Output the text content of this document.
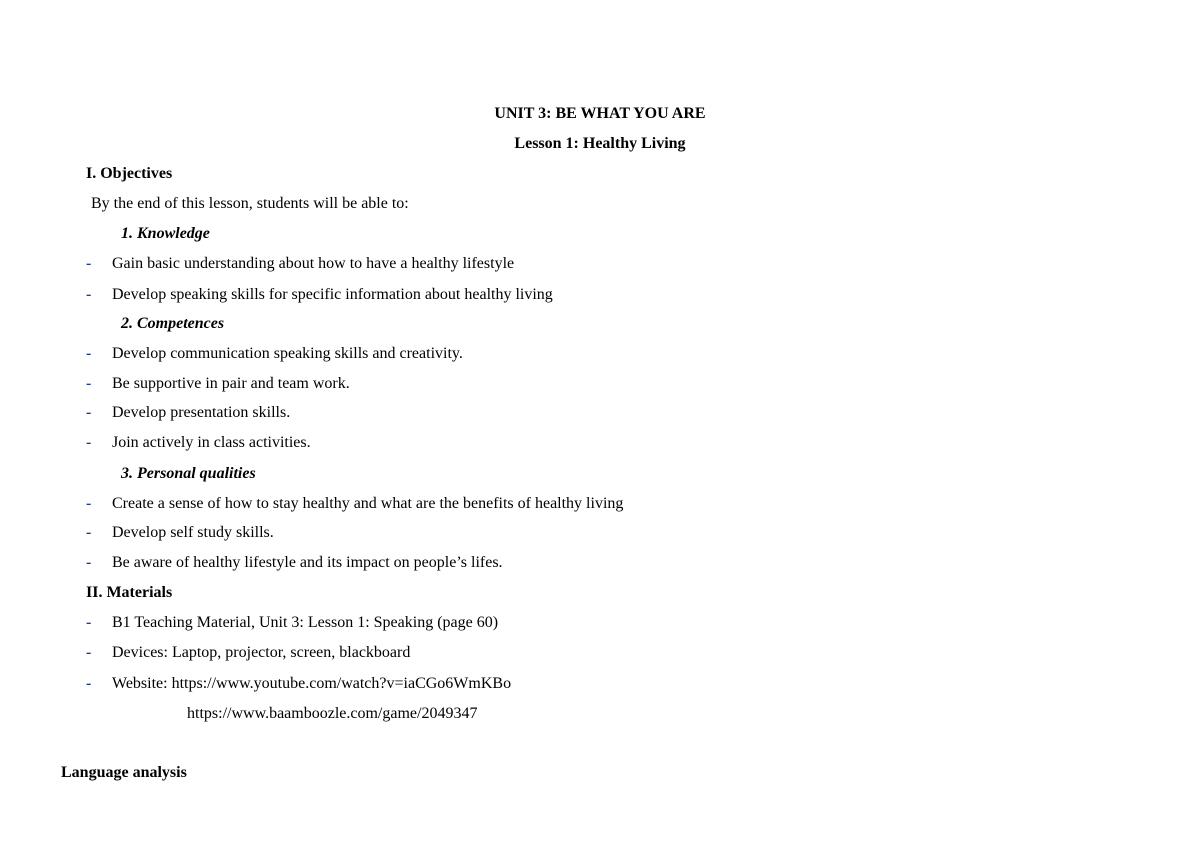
UNIT 3: BE WHAT YOU ARE
Lesson 1: Healthy Living
I. Objectives
By the end of this lesson, students will be able to:
1. Knowledge
- Gain basic understanding about how to have a healthy lifestyle
- Develop speaking skills for specific information about healthy living
2. Competences
- Develop communication speaking skills and creativity.
- Be supportive in pair and team work.
- Develop presentation skills.
- Join actively in class activities.
3. Personal qualities
- Create a sense of how to stay healthy and what are the benefits of healthy living
- Develop self study skills.
- Be aware of healthy lifestyle and its impact on people’s lifes.
II. Materials
- B1 Teaching Material, Unit 3: Lesson 1: Speaking (page 60)
- Devices: Laptop, projector, screen, blackboard
- Website: https://www.youtube.com/watch?v=iaCGo6WmKBo
https://www.baamboozle.com/game/2049347
Language analysis
